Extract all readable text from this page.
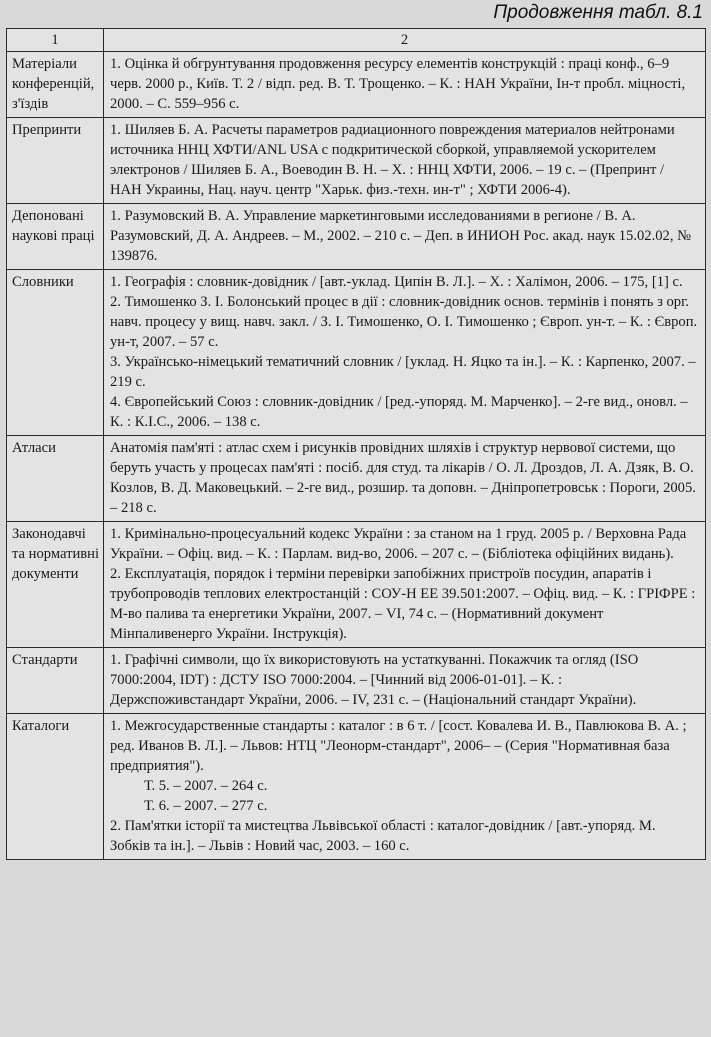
Продовження табл. 8.1
1	2
Матеріали конференцій, з'їздів	1. Оцінка й обгрунтування продовження ресурсу елементів конструкцій : праці конф., 6–9 черв. 2000 р., Київ. Т. 2 / відп. ред. В. Т. Трощенко. – К. : НАН України, Ін-т пробл. міцності, 2000. – С. 559–956 с.

Препринти	1. Шиляев Б. А. Расчеты параметров радиационного повреждения материалов нейтронами источника ННЦ ХФТИ/ANL USA с подкритической сборкой, управляемой ускорителем электронов / Шиляев Б. А., Воеводин В. Н. – Х. : ННЦ ХФТИ, 2006. – 19 с. – (Препринт / НАН Украины, Нац. науч. центр "Харьк. физ.-техн. ин-т" ; ХФТИ 2006-4).

Депоновані наукові праці	1. Разумовский В. А. Управление маркетинговыми исследованиями в регионе / В. А. Разумовский, Д. А. Андреев. – М., 2002. – 210 с. – Деп. в ИНИОН Рос. акад. наук 15.02.02, № 139876.

Словники	1. Географія : словник-довідник / [авт.-уклад. Ципін В. Л.]. – Х. : Халімон, 2006. – 175, [1] с.

2. Тимошенко З. І. Болонський процес в дії : словник-довідник основ. термінів і понять з орг. навч. процесу у вищ. навч. закл. / З. І. Тимошенко, О. І. Тимошенко ; Європ. ун-т. – К. : Європ. ун-т, 2007. – 57 с.

3. Українсько-німецький тематичний словник / [уклад. Н. Яцко та ін.]. – К. : Карпенко, 2007. – 219 с.

4. Європейський Союз : словник-довідник / [ред.-упоряд. М. Марченко]. – 2-ге вид., оновл. – К. : К.І.С., 2006. – 138 с.

Атласи	Анатомія пам'яті : атлас схем і рисунків провідних шляхів і структур нервової системи, що беруть участь у процесах пам'яті : посіб. для студ. та лікарів / О. Л. Дроздов, Л. А. Дзяк, В. О. Козлов, В. Д. Маковецький. – 2-ге вид., розшир. та доповн. – Дніпропетровськ : Пороги, 2005. – 218 с.

Законодавчі та нормативні документи	1. Кримінально-процесуальний кодекс України : за станом на 1 груд. 2005 р. / Верховна Рада України. – Офіц. вид. – К. : Парлам. вид-во, 2006. – 207 с. – (Бібліотека офіційних видань).

2. Експлуатація, порядок і терміни перевірки запобіжних пристроїв посудин, апаратів і трубопроводів теплових електростанцій : СОУ-Н ЕЕ 39.501:2007. – Офіц. вид. – К. : ГРІФРЕ : М-во палива та енергетики України, 2007. – VI, 74 с. – (Нормативний документ Мінпаливенерго України. Інструкція).

Стандарти	1. Графічні символи, що їх використовують на устаткуванні. Покажчик та огляд (ISO 7000:2004, IDT) : ДСТУ ISO 7000:2004. – [Чинний від 2006-01-01]. – К. : Держспоживстандарт України, 2006. – IV, 231 с. – (Національний стандарт України).

Каталоги	1. Межгосударственные стандарты : каталог : в 6 т. / [сост. Ковалева И. В., Павлюкова В. А. ; ред. Иванов В. Л.]. – Львов: НТЦ "Леонорм-стандарт", 2006– – (Серия "Нормативная база предприятия").

Т. 5. – 2007. – 264 с.

Т. 6. – 2007. – 277 с.

2. Пам'ятки історії та мистецтва Львівської області : каталог-довідник / [авт.-упоряд. М. Зобків та ін.]. – Львів : Новий час, 2003. – 160 с.
